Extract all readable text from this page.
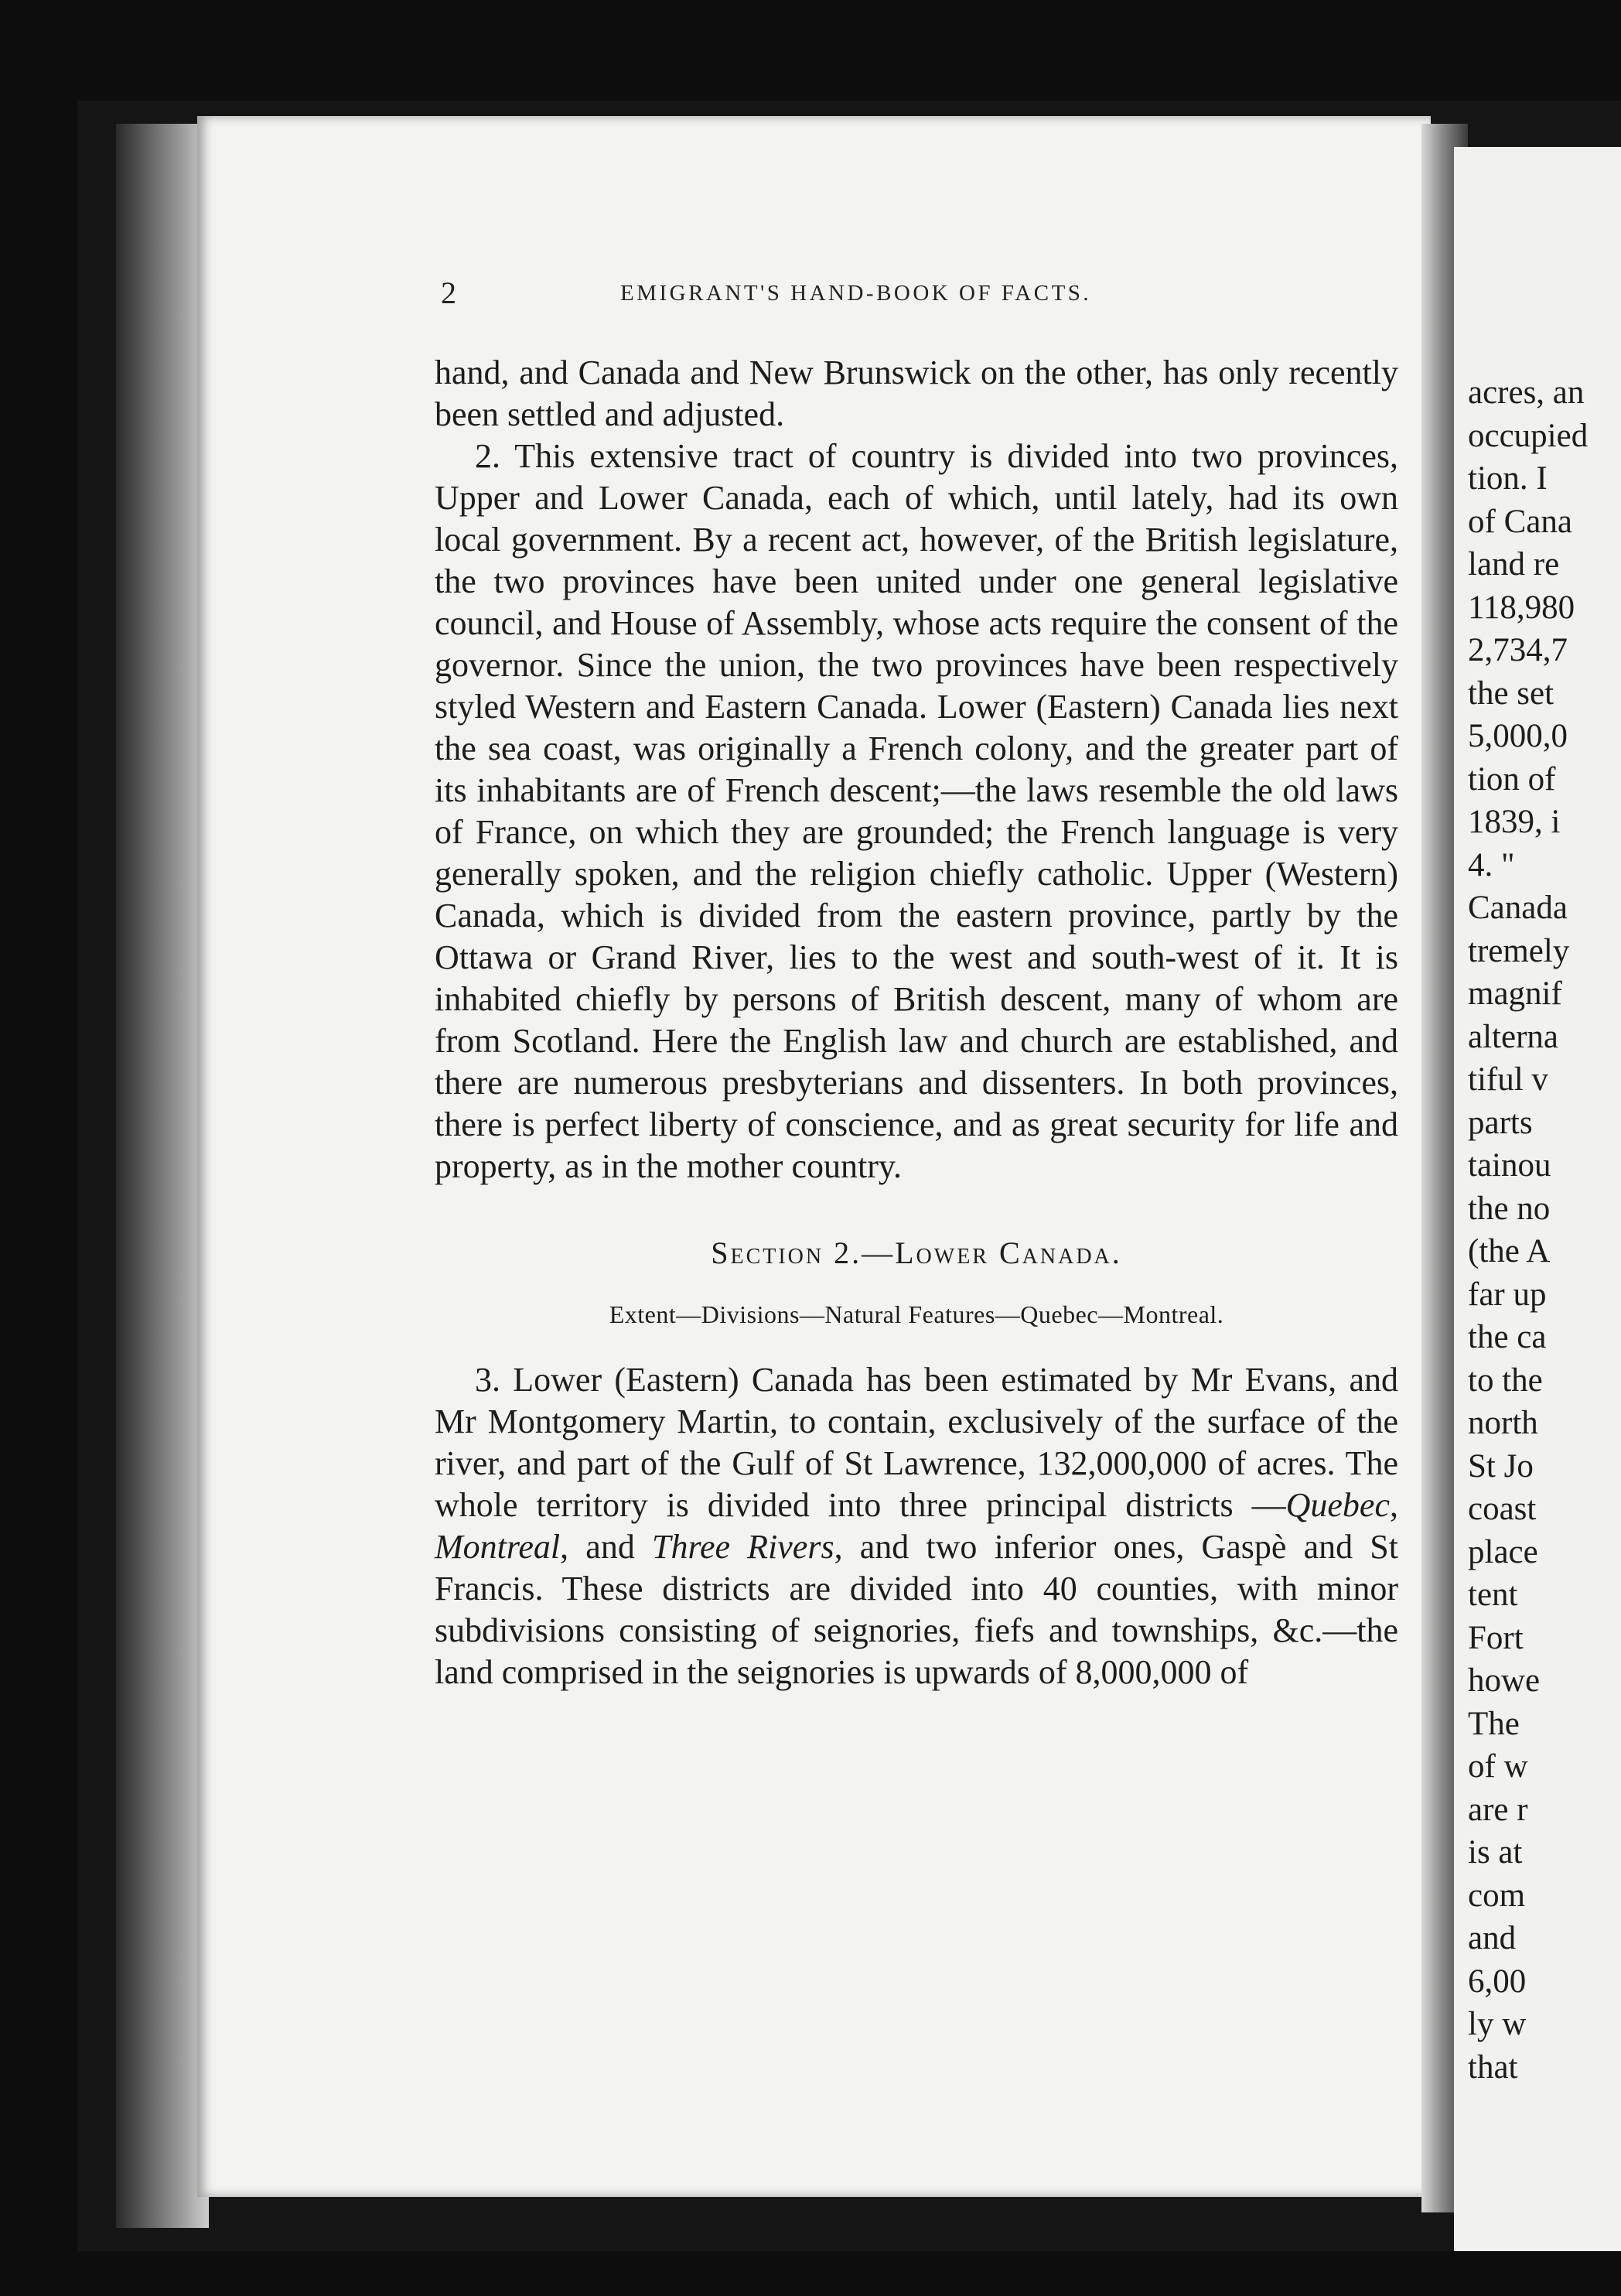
2	EMIGRANT'S HAND-BOOK OF FACTS.

hand, and Canada and New Brunswick on the other, has only recently been settled and adjusted.

2. This extensive tract of country is divided into two provinces, Upper and Lower Canada, each of which, until lately, had its own local government. By a recent act, however, of the British legislature, the two provinces have been united under one general legislative council, and House of Assembly, whose acts require the consent of the governor. Since the union, the two provinces have been respectively styled Western and Eastern Canada. Lower (Eastern) Canada lies next the sea coast, was originally a French colony, and the greater part of its inhabitants are of French descent;—the laws resemble the old laws of France, on which they are grounded; the French language is very generally spoken, and the religion chiefly catholic. Upper (Western) Canada, which is divided from the eastern province, partly by the Ottawa or Grand River, lies to the west and south-west of it. It is inhabited chiefly by persons of British descent, many of whom are from Scotland. Here the English law and church are established, and there are numerous presbyterians and dissenters. In both provinces, there is perfect liberty of conscience, and as great security for life and property, as in the mother country.

Section 2.—Lower Canada.

Extent—Divisions—Natural Features—Quebec—Montreal.

3. Lower (Eastern) Canada has been estimated by Mr Evans, and Mr Montgomery Martin, to contain, exclusively of the surface of the river, and part of the Gulf of St Lawrence, 132,000,000 of acres. The whole territory is divided into three principal districts —Quebec, Montreal, and Three Rivers, and two inferior ones, Gaspè and St Francis. These districts are divided into 40 counties, with minor subdivisions consisting of seignories, fiefs and townships, &c.—the land comprised in the seignories is upwards of 8,000,000 of

acres, an
occupied
tion. I
of Cana
land re
118,980
2,734,7
the set
5,000,0
tion of
1839, i
4. "
Canada
tremely
magnif
alterna
tiful v
parts
tainou
the no
(the A
far up
the ca
to the
north
St Jo
coast
place
tent
Fort
howe
The
of w
are r
is at
com
and
6,00
ly w
that
